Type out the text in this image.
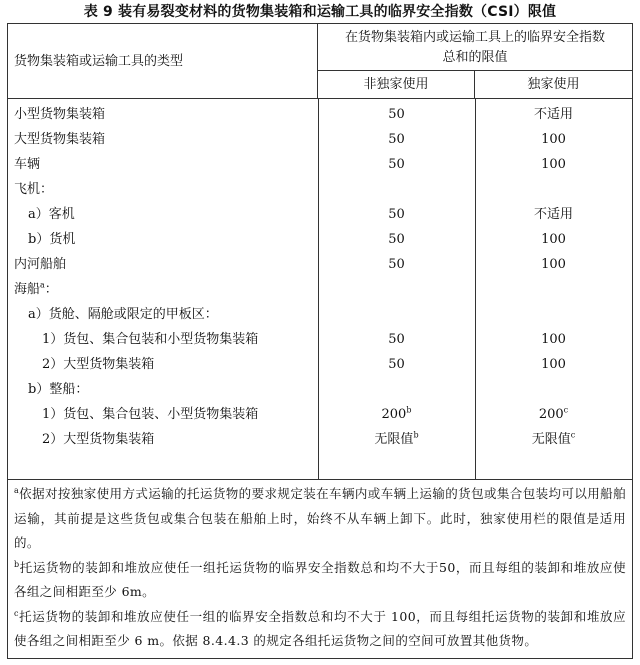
表 9 装有易裂变材料的货物集装箱和运输工具的临界安全指数（CSI）限值
货物集装箱或运输工具的类型
在货物集装箱内或运输工具上的临界安全指数
总和的限值
非独家使用	独家使用
小型货物集装箱	50	不适用
大型货物集装箱	50	100
车辆	50	100
飞机：
a）客机	50	不适用
b）货机	50	100
内河船舶	50	100
海船$^a$：
a）货舱、隔舱或限定的甲板区：
1）货包、集合包装和小型货物集装箱	50	100
2）大型货物集装箱	50	100
b）整船：
1）货包、集合包装、小型货物集装箱	200$^b$	200$^c$
2）大型货物集装箱	无限值$^b$	无限值$^c$

$^a$依据对按独家使用方式运输的托运货物的要求规定装在车辆内或车辆上运输的货包或集合包装均可以用船舶运输，其前提是这些货包或集合包装在船舶上时，始终不从车辆上卸下。此时，独家使用栏的限值是适用的。

$^b$托运货物的装卸和堆放应使任一组托运货物的临界安全指数总和均不大于50，而且每组的装卸和堆放应使各组之间相距至少 6m。

$^c$托运货物的装卸和堆放应使任一组的临界安全指数总和均不大于 100，而且每组托运货物的装卸和堆放应使各组之间相距至少 6 m。依据 8.4.4.3 的规定各组托运货物之间的空间可放置其他货物。
